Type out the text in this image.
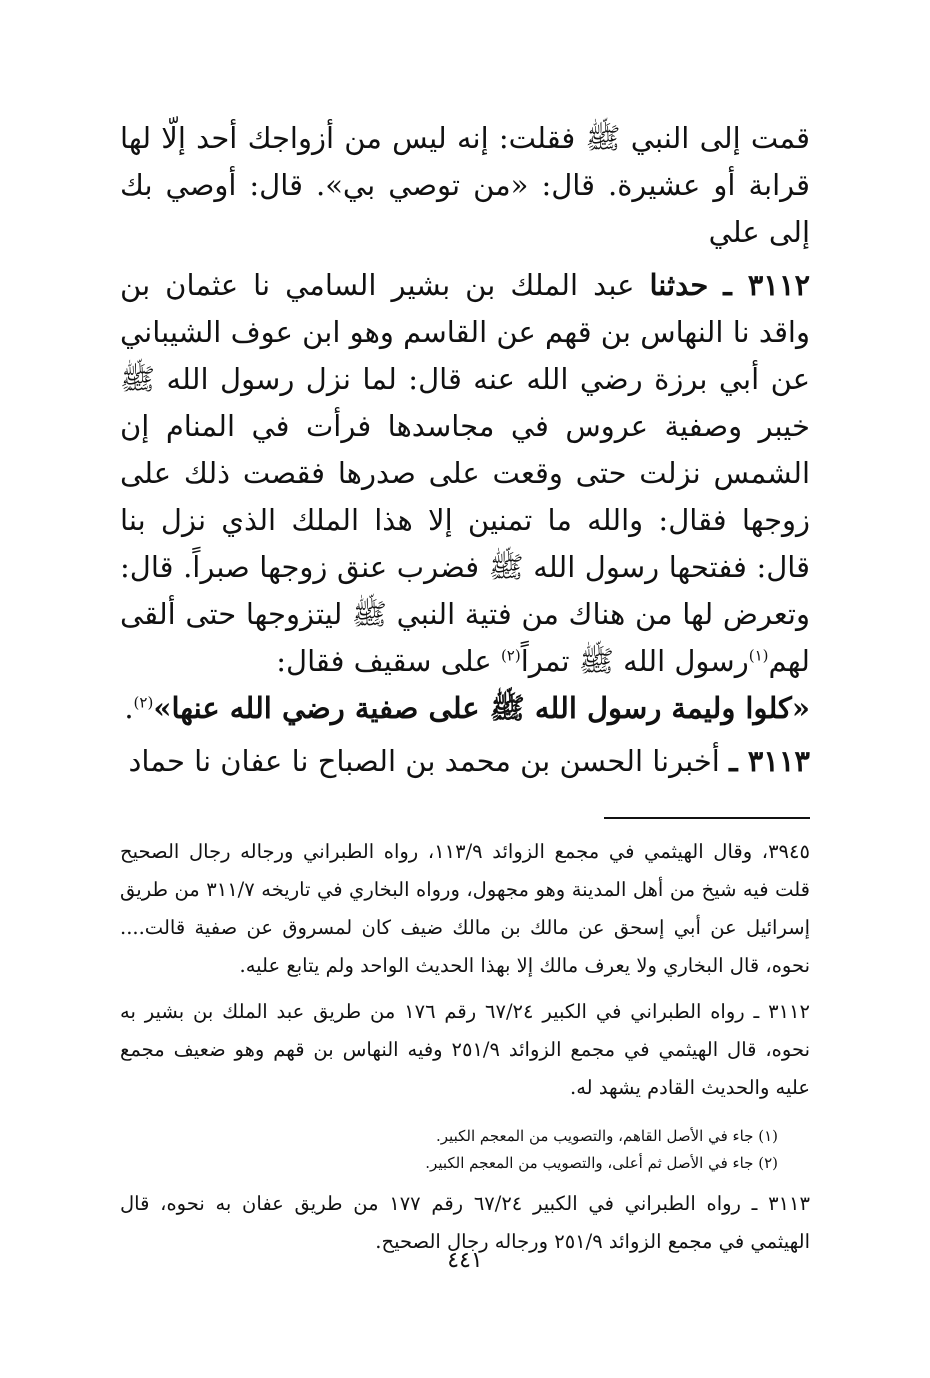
قمت إلى النبي ﷺ فقلت: إنه ليس من أزواجك أحد إلّا لها قرابة أو عشيرة. قال: «من توصي بي». قال: أوصي بك إلى علي

٣١١٢ ـ حدثنا عبد الملك بن بشير السامي نا عثمان بن واقد نا النهاس بن قهم عن القاسم وهو ابن عوف الشيباني عن أبي برزة رضي الله عنه قال: لما نزل رسول الله ﷺ خيبر وصفية عروس في مجاسدها فرأت في المنام إن الشمس نزلت حتى وقعت على صدرها فقصت ذلك على زوجها فقال: والله ما تمنين إلا هذا الملك الذي نزل بنا قال: ففتحها رسول الله ﷺ فضرب عنق زوجها صبراً. قال: وتعرض لها من هناك من فتية النبي ﷺ ليتزوجها حتى ألقى لهم$^{(١)}$رسول الله ﷺ تمراً$^{(٢)}$ على سقيف فقال:

«كلوا وليمة رسول الله ﷺ على صفية رضي الله عنها»$^{(٢)}$.

٣١١٣ ـ أخبرنا الحسن بن محمد بن الصباح نا عفان نا حماد

٣٩٤٥، وقال الهيثمي في مجمع الزوائد ١١٣/٩، رواه الطبراني ورجاله رجال الصحيح قلت فيه شيخ من أهل المدينة وهو مجهول، ورواه البخاري في تاريخه ٣١١/٧ من طريق إسرائيل عن أبي إسحق عن مالك بن مالك ضيف كان لمسروق عن صفية قالت.... نحوه، قال البخاري ولا يعرف مالك إلا بهذا الحديث الواحد ولم يتابع عليه.

٣١١٢ ـ رواه الطبراني في الكبير ٦٧/٢٤ رقم ١٧٦ من طريق عبد الملك بن بشير به نحوه، قال الهيثمي في مجمع الزوائد ٢٥١/٩ وفيه النهاس بن قهم وهو ضعيف مجمع عليه والحديث القادم يشهد له.

(١) جاء في الأصل القاهم، والتصويب من المعجم الكبير.

(٢) جاء في الأصل ثم أعلى، والتصويب من المعجم الكبير.

٣١١٣ ـ رواه الطبراني في الكبير ٦٧/٢٤ رقم ١٧٧ من طريق عفان به نحوه، قال الهيثمي في مجمع الزوائد ٢٥١/٩ ورجاله رجال الصحيح.

٤٤١
